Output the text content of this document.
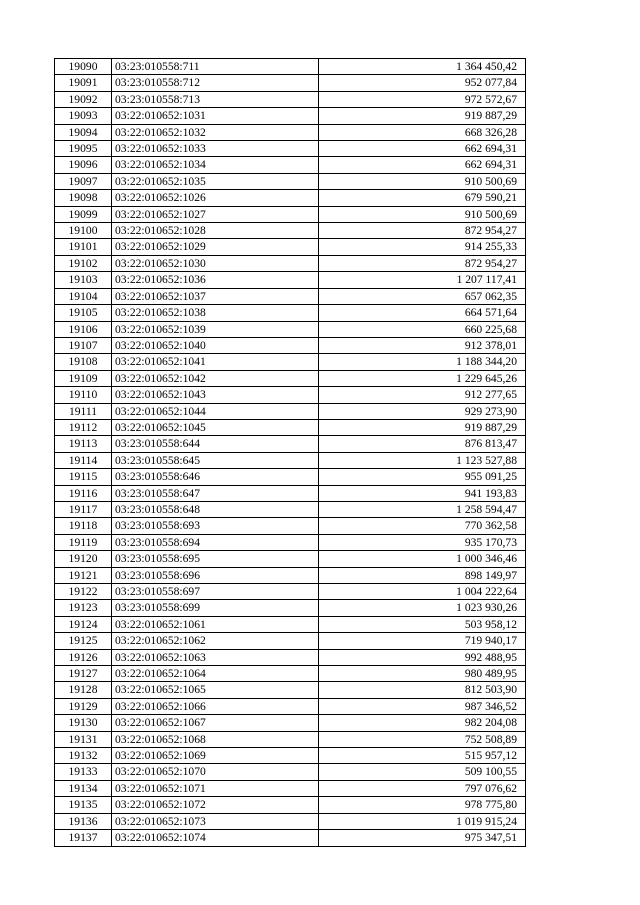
19090	03:23:010558:711	1 364 450,42
19091	03:23:010558:712	952 077,84
19092	03:23:010558:713	972 572,67
19093	03:22:010652:1031	919 887,29
19094	03:22:010652:1032	668 326,28
19095	03:22:010652:1033	662 694,31
19096	03:22:010652:1034	662 694,31
19097	03:22:010652:1035	910 500,69
19098	03:22:010652:1026	679 590,21
19099	03:22:010652:1027	910 500,69
19100	03:22:010652:1028	872 954,27
19101	03:22:010652:1029	914 255,33
19102	03:22:010652:1030	872 954,27
19103	03:22:010652:1036	1 207 117,41
19104	03:22:010652:1037	657 062,35
19105	03:22:010652:1038	664 571,64
19106	03:22:010652:1039	660 225,68
19107	03:22:010652:1040	912 378,01
19108	03:22:010652:1041	1 188 344,20
19109	03:22:010652:1042	1 229 645,26
19110	03:22:010652:1043	912 277,65
19111	03:22:010652:1044	929 273,90
19112	03:22:010652:1045	919 887,29
19113	03:23:010558:644	876 813,47
19114	03:23:010558:645	1 123 527,88
19115	03:23:010558:646	955 091,25
19116	03:23:010558:647	941 193,83
19117	03:23:010558:648	1 258 594,47
19118	03:23:010558:693	770 362,58
19119	03:23:010558:694	935 170,73
19120	03:23:010558:695	1 000 346,46
19121	03:23:010558:696	898 149,97
19122	03:23:010558:697	1 004 222,64
19123	03:23:010558:699	1 023 930,26
19124	03:22:010652:1061	503 958,12
19125	03:22:010652:1062	719 940,17
19126	03:22:010652:1063	992 488,95
19127	03:22:010652:1064	980 489,95
19128	03:22:010652:1065	812 503,90
19129	03:22:010652:1066	987 346,52
19130	03:22:010652:1067	982 204,08
19131	03:22:010652:1068	752 508,89
19132	03:22:010652:1069	515 957,12
19133	03:22:010652:1070	509 100,55
19134	03:22:010652:1071	797 076,62
19135	03:22:010652:1072	978 775,80
19136	03:22:010652:1073	1 019 915,24
19137	03:22:010652:1074	975 347,51
